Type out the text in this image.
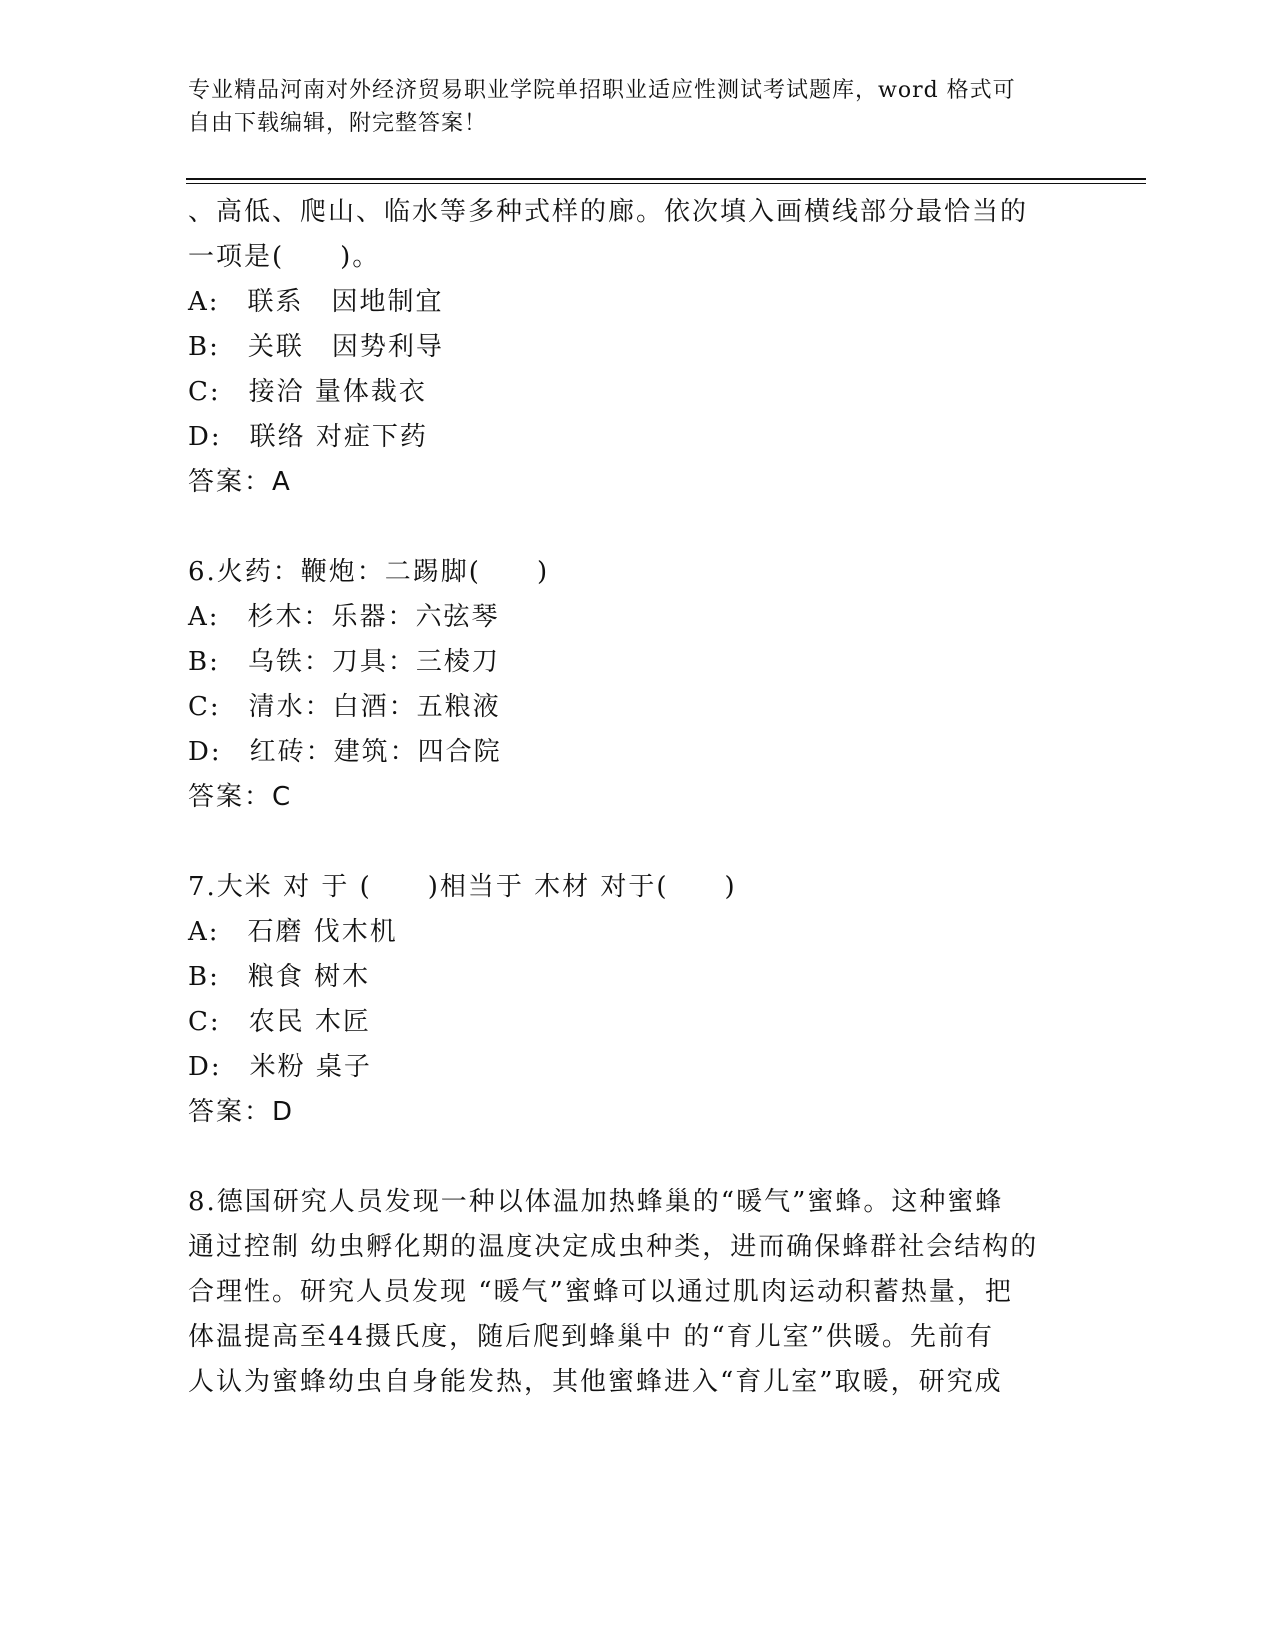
专业精品河南对外经济贸易职业学院单招职业适应性测试考试题库，word 格式可
自由下载编辑，附完整答案！
、高低、爬山、临水等多种式样的廊。依次填入画横线部分最恰当的
一项是(　　)。
A:　联系　因地制宜
B:　关联　因势利导
C:　接洽 量体裁衣
D:　联络 对症下药
答案：A
6.火药：鞭炮：二踢脚(　　)
A:　杉木：乐器：六弦琴
B:　乌铁：刀具：三棱刀
C:　清水：白酒：五粮液
D:　红砖：建筑：四合院
答案：C
7.大米 对 于 (　　)相当于 木材 对于(　　)
A:　石磨 伐木机
B:　粮食 树木
C:　农民 木匠
D:　米粉 桌子
答案：D
8.德国研究人员发现一种以体温加热蜂巢的“暖气”蜜蜂。这种蜜蜂
通过控制 幼虫孵化期的温度决定成虫种类，进而确保蜂群社会结构的
合理性。研究人员发现 “暖气”蜜蜂可以通过肌肉运动积蓄热量，把
体温提高至44摄氏度，随后爬到蜂巢中 的“育儿室”供暖。先前有
人认为蜜蜂幼虫自身能发热，其他蜜蜂进入“育儿室”取暖，研究成
